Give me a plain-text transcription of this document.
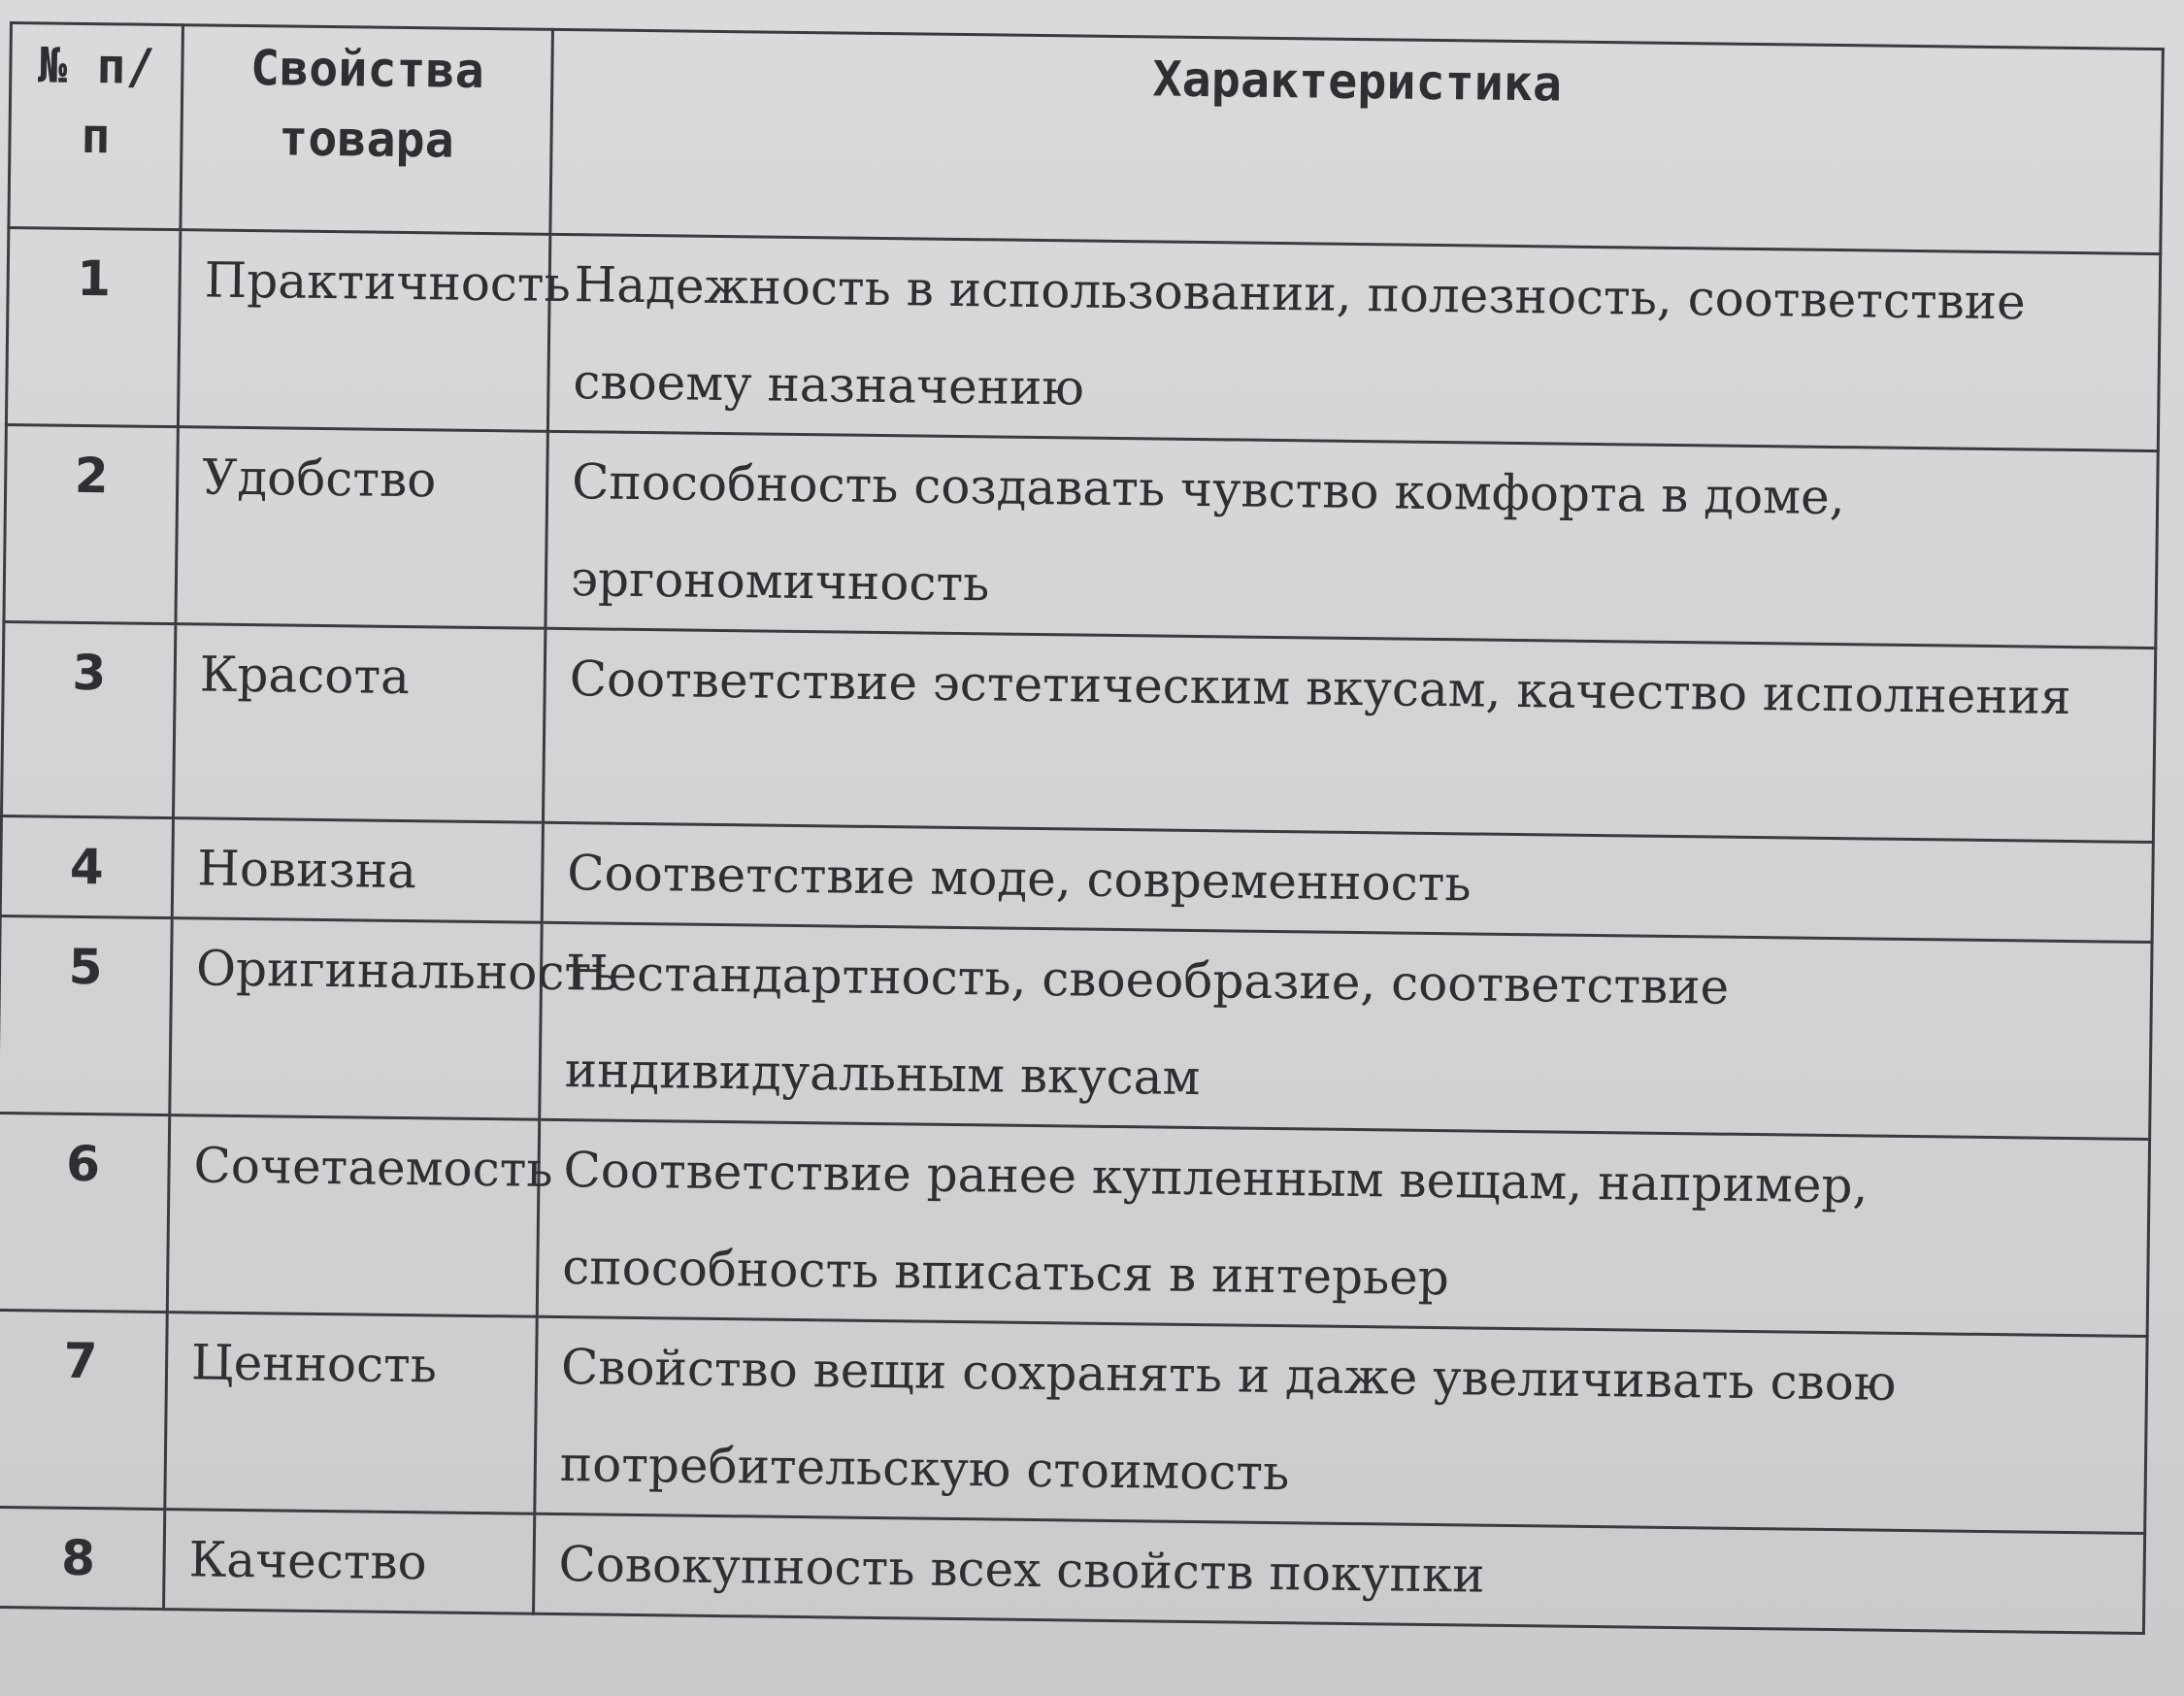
№ п/п	Свойства товара	Характеристика
1	Практичность	Надежность в использовании, полезность, соответствие своему назначению
2	Удобство	Способность создавать чувство комфорта в доме, эргономичность
3	Красота	Соответствие эстетическим вкусам, качество исполнения
4	Новизна	Соответствие моде, современность
5	Оригинальность	Нестандартность, своеобразие, соответствие индивидуальным вкусам
6	Сочетаемость	Соответствие ранее купленным вещам, например, способность вписаться в интерьер
7	Ценность	Свойство вещи сохранять и даже увеличивать свою потребительскую стоимость
8	Качество	Совокупность всех свойств покупки
